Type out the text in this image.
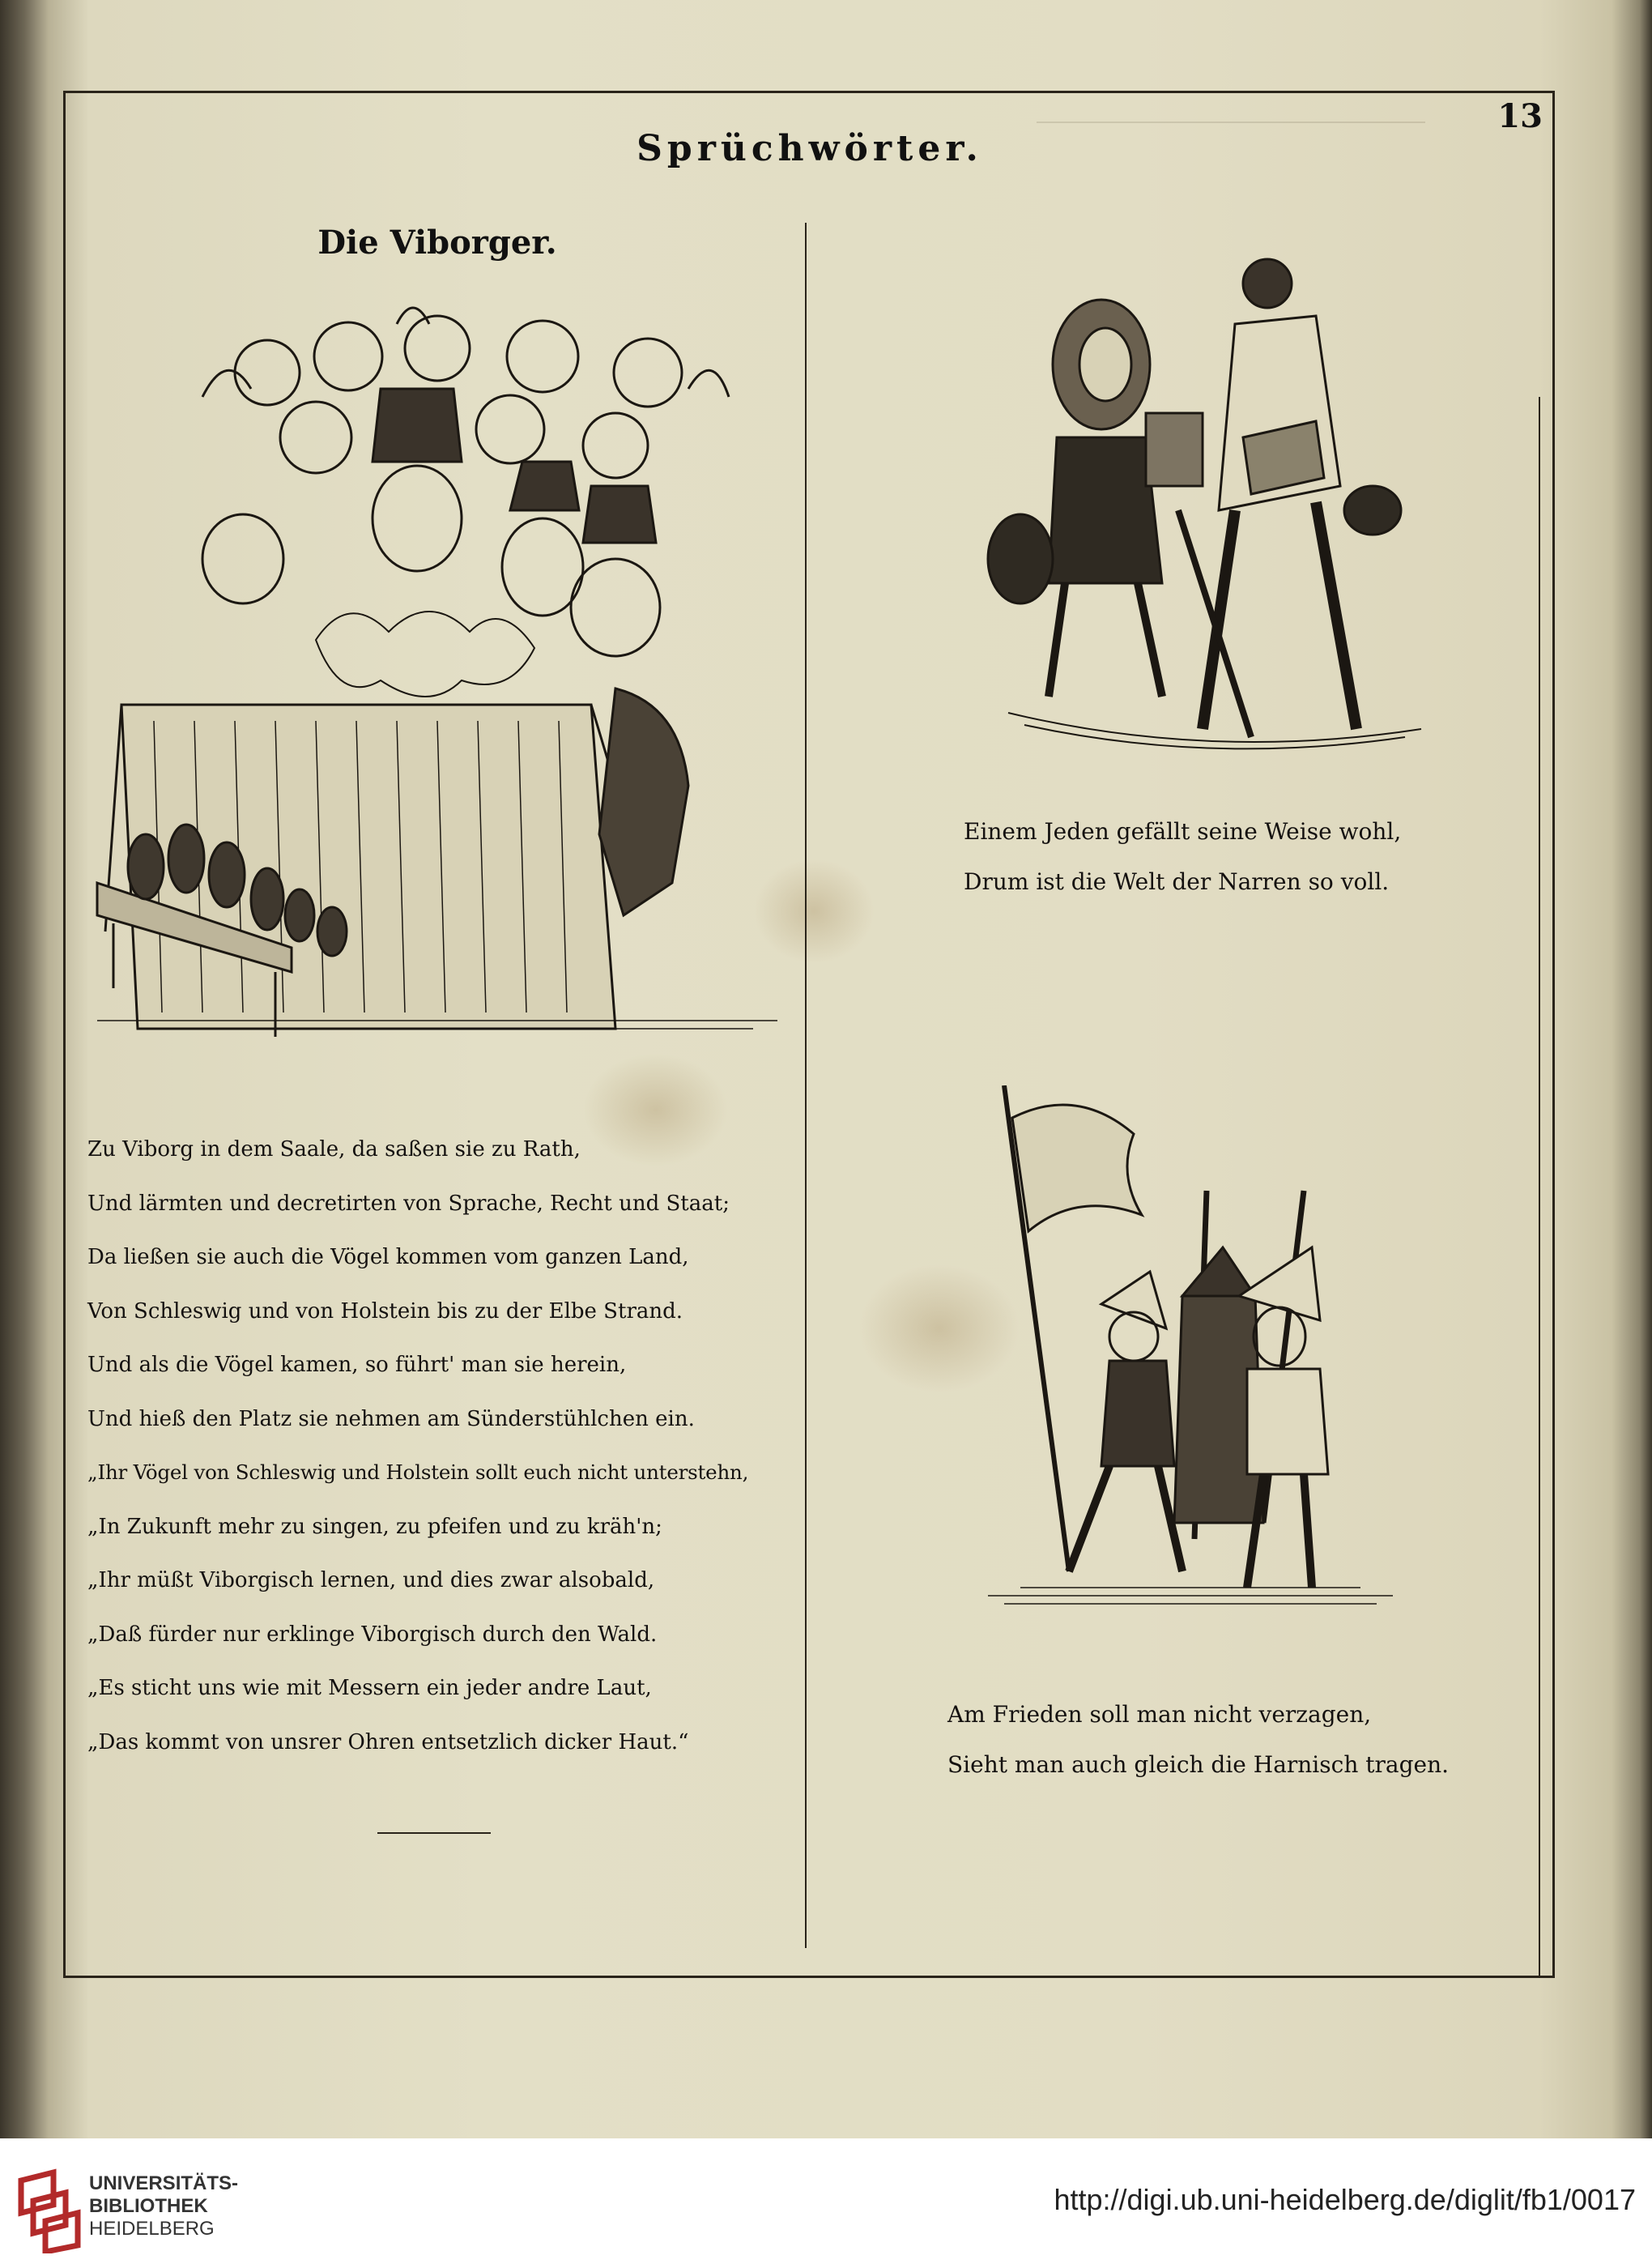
13
Sprüchwörter.
Die Viborger.
Einem Jeden gefällt seine Weise wohl,
Drum ist die Welt der Narren so voll.
Am Frieden soll man nicht verzagen,
Sieht man auch gleich die Harnisch tragen.
Zu Viborg in dem Saale, da saßen sie zu Rath,
Und lärmten und decretirten von Sprache, Recht und Staat;
Da ließen sie auch die Vögel kommen vom ganzen Land,
Von Schleswig und von Holstein bis zu der Elbe Strand.
Und als die Vögel kamen, so führt' man sie herein,
Und hieß den Platz sie nehmen am Sünderstühlchen ein.
„Ihr Vögel von Schleswig und Holstein sollt euch nicht unterstehn,
„In Zukunft mehr zu singen, zu pfeifen und zu kräh'n;
„Ihr müßt Viborgisch lernen, und dies zwar alsobald,
„Daß fürder nur erklinge Viborgisch durch den Wald.
„Es sticht uns wie mit Messern ein jeder andre Laut,
„Das kommt von unsrer Ohren entsetzlich dicker Haut.“
UNIVERSITÄTS-
BIBLIOTHEK
HEIDELBERG
http://digi.ub.uni-heidelberg.de/diglit/fb1/0017
